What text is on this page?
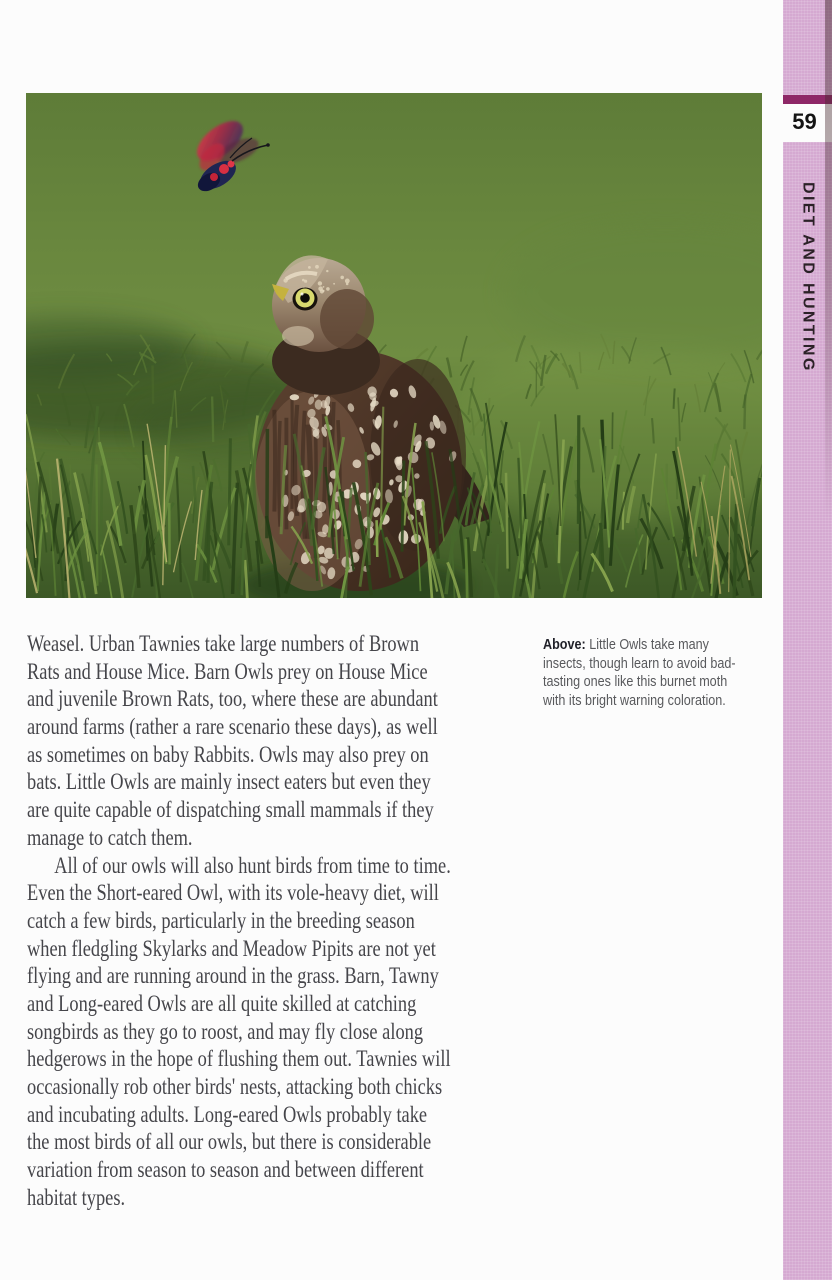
59
DIET AND HUNTING
Weasel. Urban Tawnies take large numbers of Brown
Rats and House Mice. Barn Owls prey on House Mice
and juvenile Brown Rats, too, where these are abundant
around farms (rather a rare scenario these days), as well
as sometimes on baby Rabbits. Owls may also prey on
bats. Little Owls are mainly insect eaters but even they
are quite capable of dispatching small mammals if they
manage to catch them.
All of our owls will also hunt birds from time to time.
Even the Short-eared Owl, with its vole-heavy diet, will
catch a few birds, particularly in the breeding season
when fledgling Skylarks and Meadow Pipits are not yet
flying and are running around in the grass. Barn, Tawny
and Long-eared Owls are all quite skilled at catching
songbirds as they go to roost, and may fly close along
hedgerows in the hope of flushing them out. Tawnies will
occasionally rob other birds' nests, attacking both chicks
and incubating adults. Long-eared Owls probably take
the most birds of all our owls, but there is considerable
variation from season to season and between different
habitat types.
Above: Little Owls take many
insects, though learn to avoid bad-
tasting ones like this burnet moth
with its bright warning coloration.
